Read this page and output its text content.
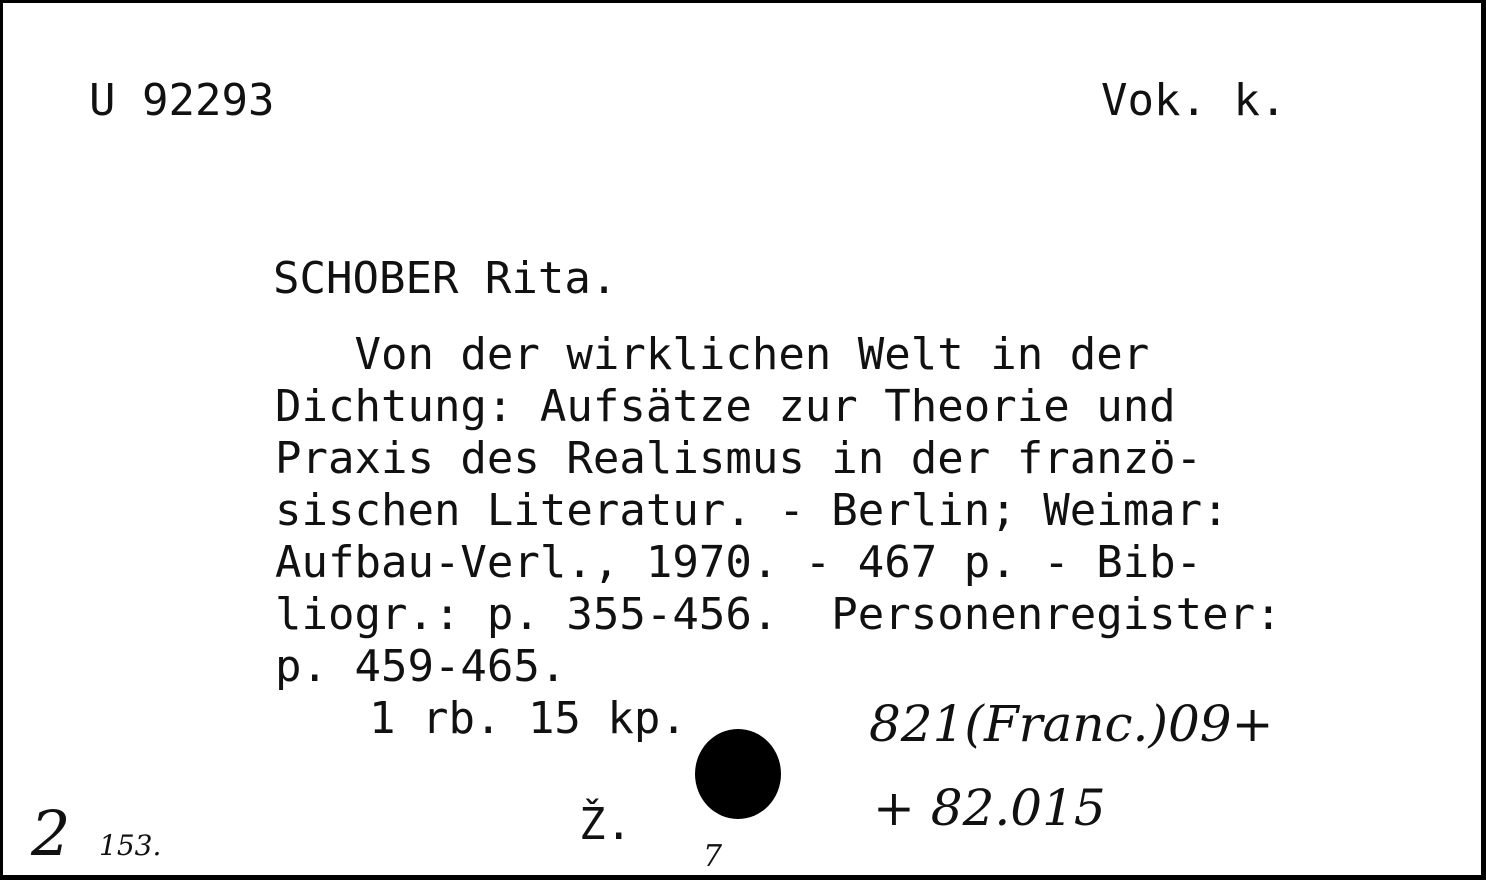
U 92293	Vok. k.
SCHOBER Rita.
Von der wirklichen Welt in der
Dichtung: Aufsätze zur Theorie und
Praxis des Realismus in der franzö-
sischen Literatur. - Berlin; Weimar:
Aufbau-Verl., 1970. - 467 p. - Bib-
liogr.: p. 355-456.  Personenregister:
p. 459-465.
1 rb. 15 kp.
Ž.
821(Franc.)09+
+ 82.015
2 153.	7
